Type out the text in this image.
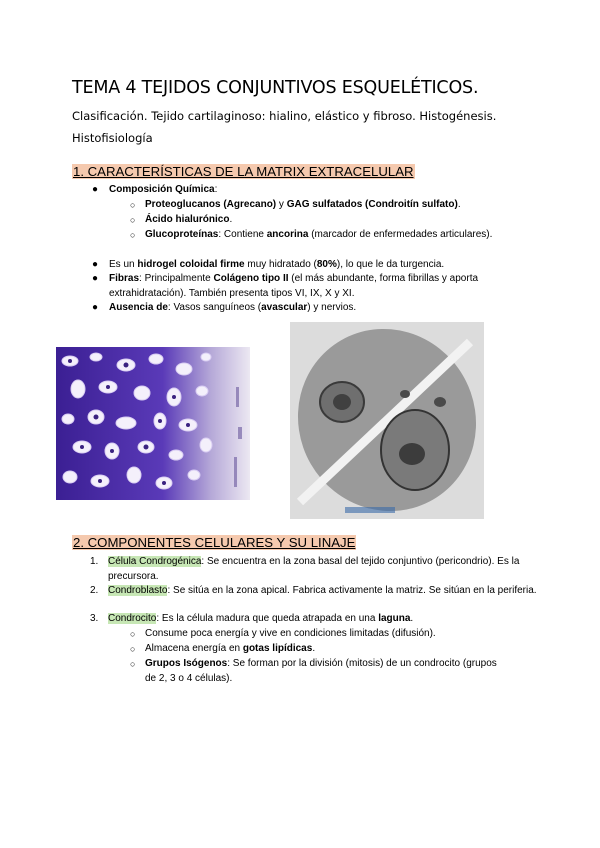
TEMA 4 TEJIDOS CONJUNTIVOS ESQUELÉTICOS.
Clasificación. Tejido cartilaginoso: hialino, elástico y fibroso. Histogénesis. Histofisiología
1. CARACTERÍSTICAS DE LA MATRIX EXTRACELULAR
● Composición Química:
○ Proteoglucanos (Agrecano) y GAG sulfatados (Condroitín sulfato).
○ Ácido hialurónico.
○ Glucoproteínas: Contiene ancorina (marcador de enfermedades articulares).
● Es un hidrogel coloidal firme muy hidratado (80%), lo que le da turgencia.
● Fibras: Principalmente Colágeno tipo II (el más abundante, forma fibrillas y aporta extrahidratación). También presenta tipos VI, IX, X y XI.
● Ausencia de: Vasos sanguíneos (avascular) y nervios.
2. COMPONENTES CELULARES Y SU LINAJE
1. Célula Condrogénica: Se encuentra en la zona basal del tejido conjuntivo (pericondrio). Es la precursora.
2. Condroblasto: Se sitúa en la zona apical. Fabrica activamente la matriz. Se sitúan en la periferia.
3. Condrocito: Es la célula madura que queda atrapada en una laguna.
○ Consume poca energía y vive en condiciones limitadas (difusión).
○ Almacena energía en gotas lipídicas.
○ Grupos Isógenos: Se forman por la división (mitosis) de un condrocito (grupos de 2, 3 o 4 células).
